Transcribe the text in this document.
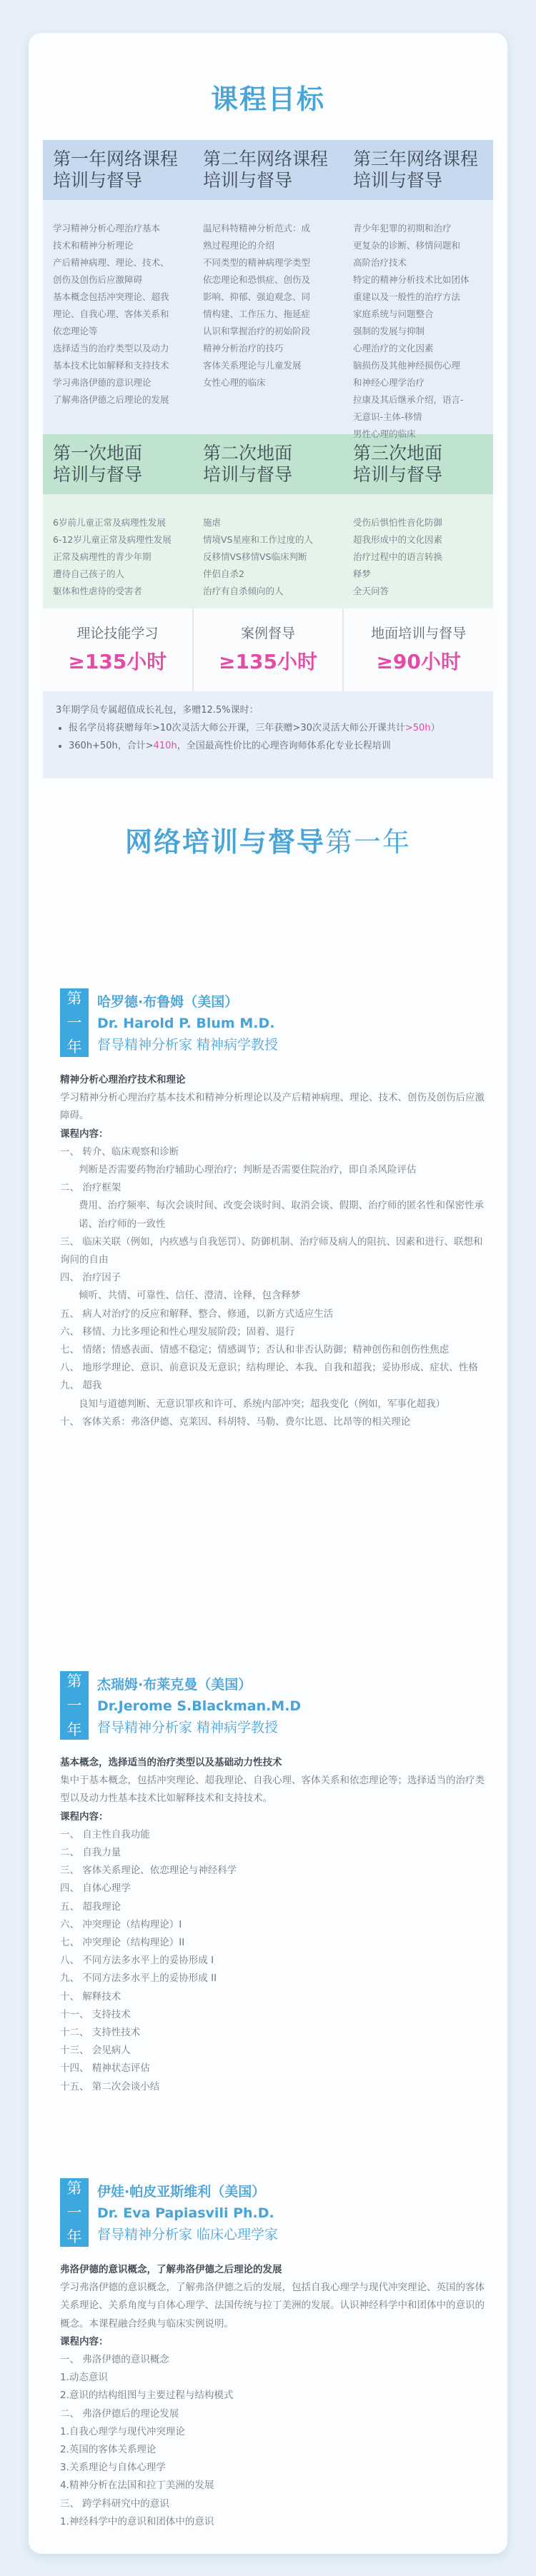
课程目标
第一年网络课程
培训与督导
第二年网络课程
培训与督导
第三年网络课程
培训与督导
学习精神分析心理治疗基本
技术和精神分析理论
产后精神病理、理论、技术、
创伤及创伤后应激障碍
基本概念包括冲突理论、超我
理论、自我心理、客体关系和
依恋理论等
选择适当的治疗类型以及动力
基本技术比如解释和支持技术
学习弗洛伊德的意识理论
了解弗洛伊德之后理论的发展
温尼科特精神分析范式：成
熟过程理论的介绍
不同类型的精神病理学类型
依恋理论和恐惧症、创伤及
影响、抑郁、强迫观念、同
情构建、工作压力、拖延症
认识和掌握治疗的初始阶段
精神分析治疗的技巧
客体关系理论与儿童发展
女性心理的临床
青少年犯罪的初期和治疗
更复杂的诊断、移情问题和
高阶治疗技术
特定的精神分析技术比如团体
重建以及一般性的治疗方法
家庭系统与问题整合
强制的发展与抑制
心理治疗的文化因素
脑损伤及其他神经损伤心理
和神经心理学治疗
拉康及其后继承介绍，语言-
无意识-主体-移情
男性心理的临床
第一次地面
培训与督导
第二次地面
培训与督导
第三次地面
培训与督导
6岁前儿童正常及病理性发展
6-12岁儿童正常及病理性发展
正常及病理性的青少年期
遭待自己孩子的人
躯体和性虐待的受害者
施虐
情境VS星座和工作过度的人
反移情VS移情VS临床判断
伴侣自杀2
治疗有自杀倾向的人
受伤后惧怕性音化防御
超我形成中的文化因素
治疗过程中的语言转换
释梦
全天问答
理论技能学习
≥135小时
案例督导
≥135小时
地面培训与督导
≥90小时
3年期学员专属超值成长礼包，多赠12.5%课时：
• 报名学员将获赠每年>10次灵活大师公开课，三年获赠>30次灵活大师公开课共计>50h）
• 360h+50h，合计>410h，全国最高性价比的心理咨询师体系化专业长程培训
网络培训与督导第一年
第
一
年
哈罗德·布鲁姆（美国）
Dr. Harold P. Blum M.D.
督导精神分析家 精神病学教授
精神分析心理治疗技术和理论
学习精神分析心理治疗基本技术和精神分析理论以及产后精神病理、理论、技术、创伤及创伤后应激障碍。
课程内容：
一、 转介、临床观察和诊断
判断是否需要药物治疗辅助心理治疗；判断是否需要住院治疗，即自杀风险评估
二、 治疗框架
费用、治疗频率、每次会谈时间、改变会谈时间、取消会谈、假期、治疗师的匿名性和保密性承诺、治疗师的一致性
三、 临床关联（例如，内疚感与自我惩罚）、防御机制、治疗师及病人的阻抗、因素和进行、联想和询问的自由
四、 治疗因子
倾听、共情、可靠性、信任、澄清、诠释，包含释梦
五、 病人对治疗的反应和解释、整合、修通，以新方式适应生活
六、 移情、力比多理论和性心理发展阶段；固着、退行
七、 情绪；情感表面、情感不稳定；情感调节；否认和非否认防御；精神创伤和创伤性焦虑
八、 地形学理论、意识、前意识及无意识；结构理论、本我、自我和超我；妥协形成、症状、性格
九、 超我
良知与道德判断、无意识罪疚和许可、系统内部冲突；超我变化（例如，军事化超我）
十、 客体关系：弗洛伊德、克莱因、科胡特、马勒、费尔比恩、比昂等的相关理论
第
一
年
杰瑞姆·布莱克曼（美国）
Dr.Jerome S.Blackman.M.D
督导精神分析家 精神病学教授
基本概念，选择适当的治疗类型以及基础动力性技术
集中于基本概念，包括冲突理论、超我理论、自我心理、客体关系和依恋理论等；选择适当的治疗类型以及动力性基本技术比如解释技术和支持技术。
课程内容：
一、 自主性自我功能
二、 自我力量
三、 客体关系理论、依恋理论与神经科学
四、 自体心理学
五、 超我理论
六、 冲突理论（结构理论）I
七、 冲突理论（结构理论）II
八、 不同方法多水平上的妥协形成 I
九、 不同方法多水平上的妥协形成 II
十、 解释技术
十一、 支持技术
十二、 支持性技术
十三、 会见病人
十四、 精神状态评估
十五、 第二次会谈小结
第
一
年
伊娃·帕皮亚斯维利（美国）
Dr. Eva Papiasvili Ph.D.
督导精神分析家 临床心理学家
弗洛伊德的意识概念，了解弗洛伊德之后理论的发展
学习弗洛伊德的意识概念，了解弗洛伊德之后的发展，包括自我心理学与现代冲突理论、英国的客体关系理论、关系角度与自体心理学、法国传统与拉丁美洲的发展。认识神经科学中和团体中的意识的概念。本课程融合经典与临床实例说明。
课程内容：
一、 弗洛伊德的意识概念
1.动态意识
2.意识的结构组图与主要过程与结构模式
二、 弗洛伊德后的理论发展
1.自我心理学与现代冲突理论
2.英国的客体关系理论
3.关系理论与自体心理学
4.精神分析在法国和拉丁美洲的发展
三、 跨学科研究中的意识
1.神经科学中的意识和团体中的意识
